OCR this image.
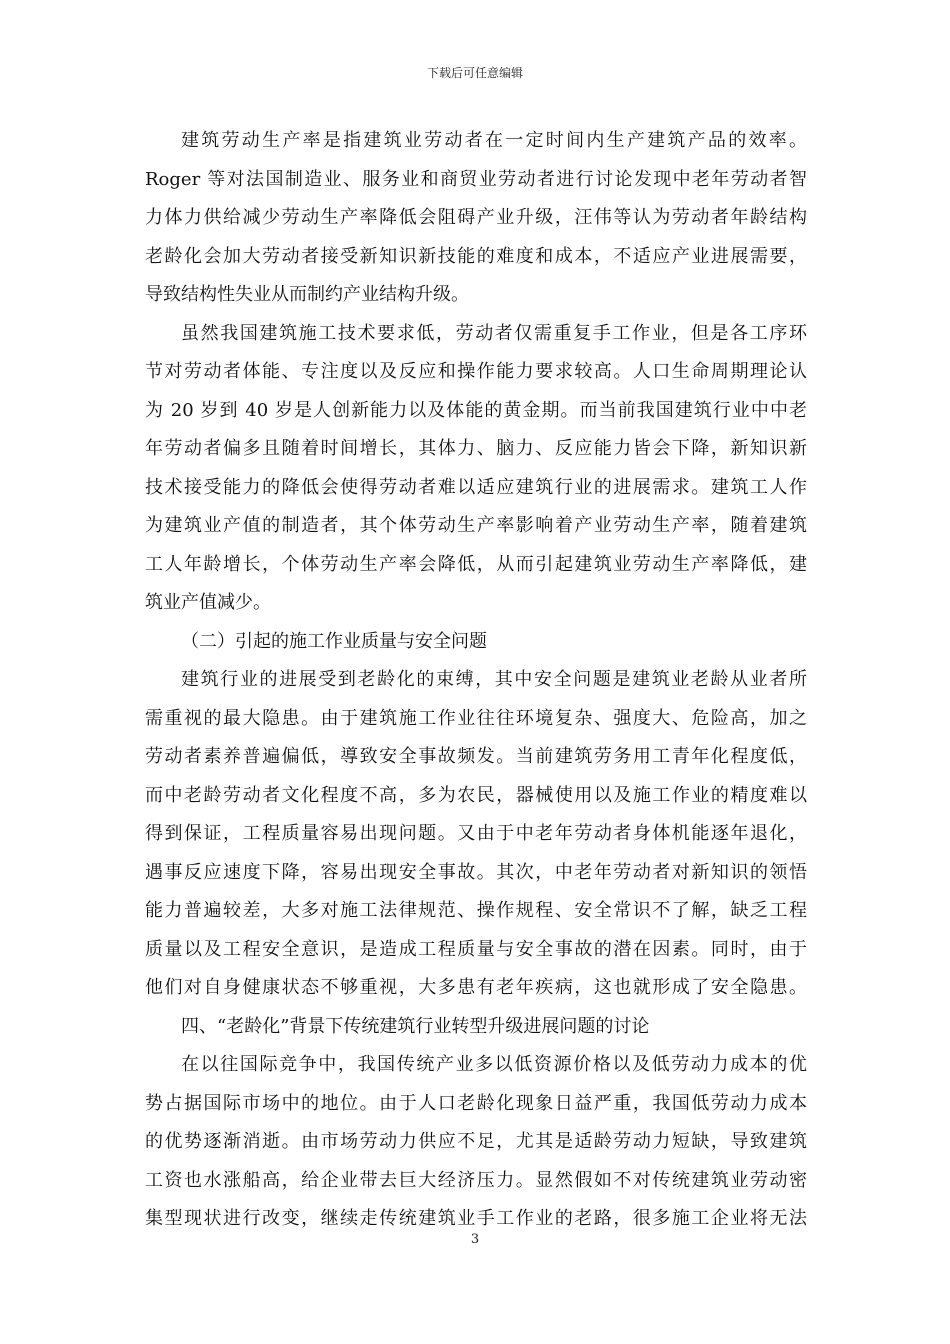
下载后可任意编辑
建筑劳动生产率是指建筑业劳动者在一定时间内生产建筑产品的效率。
Roger 等对法国制造业、服务业和商贸业劳动者进行讨论发现中老年劳动者智
力体力供给减少劳动生产率降低会阻碍产业升级，汪伟等认为劳动者年龄结构
老龄化会加大劳动者接受新知识新技能的难度和成本，不适应产业进展需要，
导致结构性失业从而制约产业结构升级。
虽然我国建筑施工技术要求低，劳动者仅需重复手工作业，但是各工序环
节对劳动者体能、专注度以及反应和操作能力要求较高。人口生命周期理论认
为 20 岁到 40 岁是人创新能力以及体能的黄金期。而当前我国建筑行业中中老
年劳动者偏多且随着时间增长，其体力、脑力、反应能力皆会下降，新知识新
技术接受能力的降低会使得劳动者难以适应建筑行业的进展需求。建筑工人作
为建筑业产值的制造者，其个体劳动生产率影响着产业劳动生产率，随着建筑
工人年龄增长，个体劳动生产率会降低，从而引起建筑业劳动生产率降低，建
筑业产值减少。
（二）引起的施工作业质量与安全问题
建筑行业的进展受到老龄化的束缚，其中安全问题是建筑业老龄从业者所
需重视的最大隐患。由于建筑施工作业往往环境复杂、强度大、危险高，加之
劳动者素养普遍偏低，導致安全事故频发。当前建筑劳务用工青年化程度低，
而中老龄劳动者文化程度不高，多为农民，器械使用以及施工作业的精度难以
得到保证，工程质量容易出现问题。又由于中老年劳动者身体机能逐年退化，
遇事反应速度下降，容易出现安全事故。其次，中老年劳动者对新知识的领悟
能力普遍较差，大多对施工法律规范、操作规程、安全常识不了解，缺乏工程
质量以及工程安全意识，是造成工程质量与安全事故的潜在因素。同时，由于
他们对自身健康状态不够重视，大多患有老年疾病，这也就形成了安全隐患。
四、“老龄化”背景下传统建筑行业转型升级进展问题的讨论
在以往国际竞争中，我国传统产业多以低资源价格以及低劳动力成本的优
势占据国际市场中的地位。由于人口老龄化现象日益严重，我国低劳动力成本
的优势逐渐消逝。由市场劳动力供应不足，尤其是适龄劳动力短缺，导致建筑
工资也水涨船高，给企业带去巨大经济压力。显然假如不对传统建筑业劳动密
集型现状进行改变，继续走传统建筑业手工作业的老路，很多施工企业将无法
3
